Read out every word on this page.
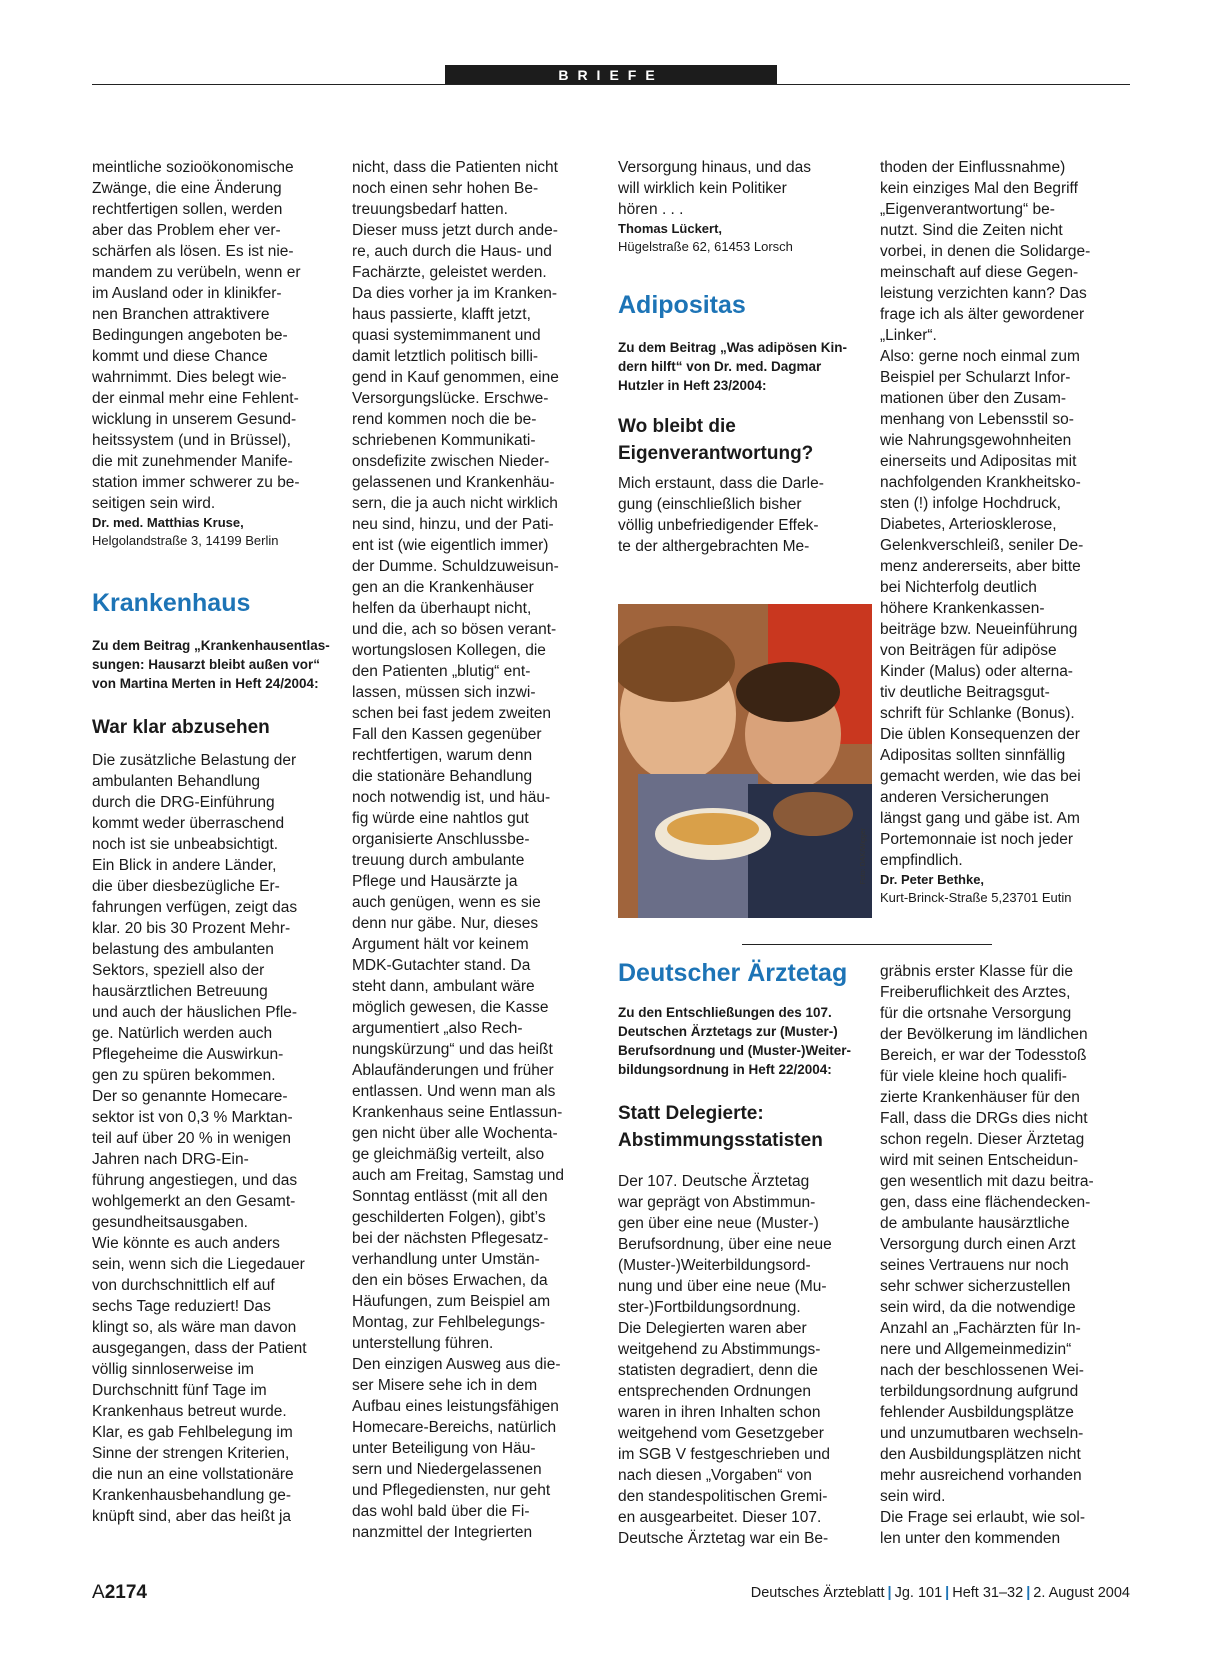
BRIEFE
meintliche sozioökonomische
Zwänge, die eine Änderung
rechtfertigen sollen, werden
aber das Problem eher ver-
schärfen als lösen. Es ist nie-
mandem zu verübeln, wenn er
im Ausland oder in klinikfer-
nen Branchen attraktivere
Bedingungen angeboten be-
kommt und diese Chance
wahrnimmt. Dies belegt wie-
der einmal mehr eine Fehlent-
wicklung in unserem Gesund-
heitssystem (und in Brüssel),
die mit zunehmender Manife-
station immer schwerer zu be-
seitigen sein wird.

Dr. med. Matthias Kruse,

Helgolandstraße 3, 14199 Berlin

Krankenhaus

Zu dem Beitrag „Krankenhausentlas-
sungen: Hausarzt bleibt außen vor“
von Martina Merten in Heft 24/2004:

War klar abzusehen

Die zusätzliche Belastung der
ambulanten Behandlung
durch die DRG-Einführung
kommt weder überraschend
noch ist sie unbeabsichtigt.
Ein Blick in andere Länder,
die über diesbezügliche Er-
fahrungen verfügen, zeigt das
klar. 20 bis 30 Prozent Mehr-
belastung des ambulanten
Sektors, speziell also der
hausärztlichen Betreuung
und auch der häuslichen Pfle-
ge. Natürlich werden auch
Pflegeheime die Auswirkun-
gen zu spüren bekommen.
Der so genannte Homecare-
sektor ist von 0,3 % Marktan-
teil auf über 20 % in wenigen
Jahren nach DRG-Ein-
führung angestiegen, und das
wohlgemerkt an den Gesamt-
gesundheitsausgaben.
Wie könnte es auch anders
sein, wenn sich die Liegedauer
von durchschnittlich elf auf
sechs Tage reduziert! Das
klingt so, als wäre man davon
ausgegangen, dass der Patient
völlig sinnloserweise im
Durchschnitt fünf Tage im
Krankenhaus betreut wurde.
Klar, es gab Fehlbelegung im
Sinne der strengen Kriterien,
die nun an eine vollstationäre
Krankenhausbehandlung ge-
knüpft sind, aber das heißt ja
nicht, dass die Patienten nicht
noch einen sehr hohen Be-
treuungsbedarf hatten.
Dieser muss jetzt durch ande-
re, auch durch die Haus- und
Fachärzte, geleistet werden.
Da dies vorher ja im Kranken-
haus passierte, klafft jetzt,
quasi systemimmanent und
damit letztlich politisch billi-
gend in Kauf genommen, eine
Versorgungslücke. Erschwe-
rend kommen noch die be-
schriebenen Kommunikati-
onsdefizite zwischen Nieder-
gelassenen und Krankenhäu-
sern, die ja auch nicht wirklich
neu sind, hinzu, und der Pati-
ent ist (wie eigentlich immer)
der Dumme. Schuldzuweisun-
gen an die Krankenhäuser
helfen da überhaupt nicht,
und die, ach so bösen verant-
wortungslosen Kollegen, die
den Patienten „blutig“ ent-
lassen, müssen sich inzwi-
schen bei fast jedem zweiten
Fall den Kassen gegenüber
rechtfertigen, warum denn
die stationäre Behandlung
noch notwendig ist, und häu-
fig würde eine nahtlos gut
organisierte Anschlussbe-
treuung durch ambulante
Pflege und Hausärzte ja
auch genügen, wenn es sie
denn nur gäbe. Nur, dieses
Argument hält vor keinem
MDK-Gutachter stand. Da
steht dann, ambulant wäre
möglich gewesen, die Kasse
argumentiert „also Rech-
nungskürzung“ und das heißt
Ablaufänderungen und früher
entlassen. Und wenn man als
Krankenhaus seine Entlassun-
gen nicht über alle Wochenta-
ge gleichmäßig verteilt, also
auch am Freitag, Samstag und
Sonntag entlässt (mit all den
geschilderten Folgen), gibt’s
bei der nächsten Pflegesatz-
verhandlung unter Umstän-
den ein böses Erwachen, da
Häufungen, zum Beispiel am
Montag, zur Fehlbelegungs-
unterstellung führen.
Den einzigen Ausweg aus die-
ser Misere sehe ich in dem
Aufbau eines leistungsfähigen
Homecare-Bereichs, natürlich
unter Beteiligung von Häu-
sern und Niedergelassenen
und Pflegediensten, nur geht
das wohl bald über die Fi-
nanzmittel der Integrierten
Versorgung hinaus, und das
will wirklich kein Politiker
hören . . .

Thomas Lückert,

Hügelstraße 62, 61453 Lorsch

Adipositas

Zu dem Beitrag „Was adipösen Kin-
dern hilft“ von Dr. med. Dagmar
Hutzler in Heft 23/2004:
Wo bleibt die
Eigenverantwortung?
Mich erstaunt, dass die Darle-
gung (einschließlich bisher
völlig unbefriedigender Effek-
te der althergebrachten Me-
Foto: DAK/Wigger
thoden der Einflussnahme)
kein einziges Mal den Begriff
„Eigenverantwortung“ be-
nutzt. Sind die Zeiten nicht
vorbei, in denen die Solidarge-
meinschaft auf diese Gegen-
leistung verzichten kann? Das
frage ich als älter gewordener
„Linker“.
Also: gerne noch einmal zum
Beispiel per Schularzt Infor-
mationen über den Zusam-
menhang von Lebensstil so-
wie Nahrungsgewohnheiten
einerseits und Adipositas mit
nachfolgenden Krankheitsko-
sten (!) infolge Hochdruck,
Diabetes, Arteriosklerose,
Gelenkverschleiß, seniler De-
menz andererseits, aber bitte
bei Nichterfolg deutlich
höhere Krankenkassen-
beiträge bzw. Neueinführung
von Beiträgen für adipöse
Kinder (Malus) oder alterna-
tiv deutliche Beitragsgut-
schrift für Schlanke (Bonus).
Die üblen Konsequenzen der
Adipositas sollten sinnfällig
gemacht werden, wie das bei
anderen Versicherungen
längst gang und gäbe ist. Am
Portemonnaie ist noch jeder
empfindlich.

Dr. Peter Bethke,

Kurt-Brinck-Straße 5,23701 Eutin

Deutscher Ärztetag

Zu den Entschließungen des 107.
Deutschen Ärztetags zur (Muster-)
Berufsordnung und (Muster-)Weiter-
bildungsordnung in Heft 22/2004:
Statt Delegierte:
Abstimmungsstatisten
Der 107. Deutsche Ärztetag
war geprägt von Abstimmun-
gen über eine neue (Muster-)
Berufsordnung, über eine neue
(Muster-)Weiterbildungsord-
nung und über eine neue (Mu-
ster-)Fortbildungsordnung.
Die Delegierten waren aber
weitgehend zu Abstimmungs-
statisten degradiert, denn die
entsprechenden Ordnungen
waren in ihren Inhalten schon
weitgehend vom Gesetzgeber
im SGB V festgeschrieben und
nach diesen „Vorgaben“ von
den standespolitischen Gremi-
en ausgearbeitet. Dieser 107.
Deutsche Ärztetag war ein Be-
gräbnis erster Klasse für die
Freiberuflichkeit des Arztes,
für die ortsnahe Versorgung
der Bevölkerung im ländlichen
Bereich, er war der Todesstoß
für viele kleine hoch qualifi-
zierte Krankenhäuser für den
Fall, dass die DRGs dies nicht
schon regeln. Dieser Ärztetag
wird mit seinen Entscheidun-
gen wesentlich mit dazu beitra-
gen, dass eine flächendecken-
de ambulante hausärztliche
Versorgung durch einen Arzt
seines Vertrauens nur noch
sehr schwer sicherzustellen
sein wird, da die notwendige
Anzahl an „Fachärzten für In-
nere und Allgemeinmedizin“
nach der beschlossenen Wei-
terbildungsordnung aufgrund
fehlender Ausbildungsplätze
und unzumutbaren wechseln-
den Ausbildungsplätzen nicht
mehr ausreichend vorhanden
sein wird.
Die Frage sei erlaubt, wie sol-
len unter den kommenden
A2174	Deutsches Ärzteblatt | Jg. 101 | Heft 31–32 | 2. August 2004
